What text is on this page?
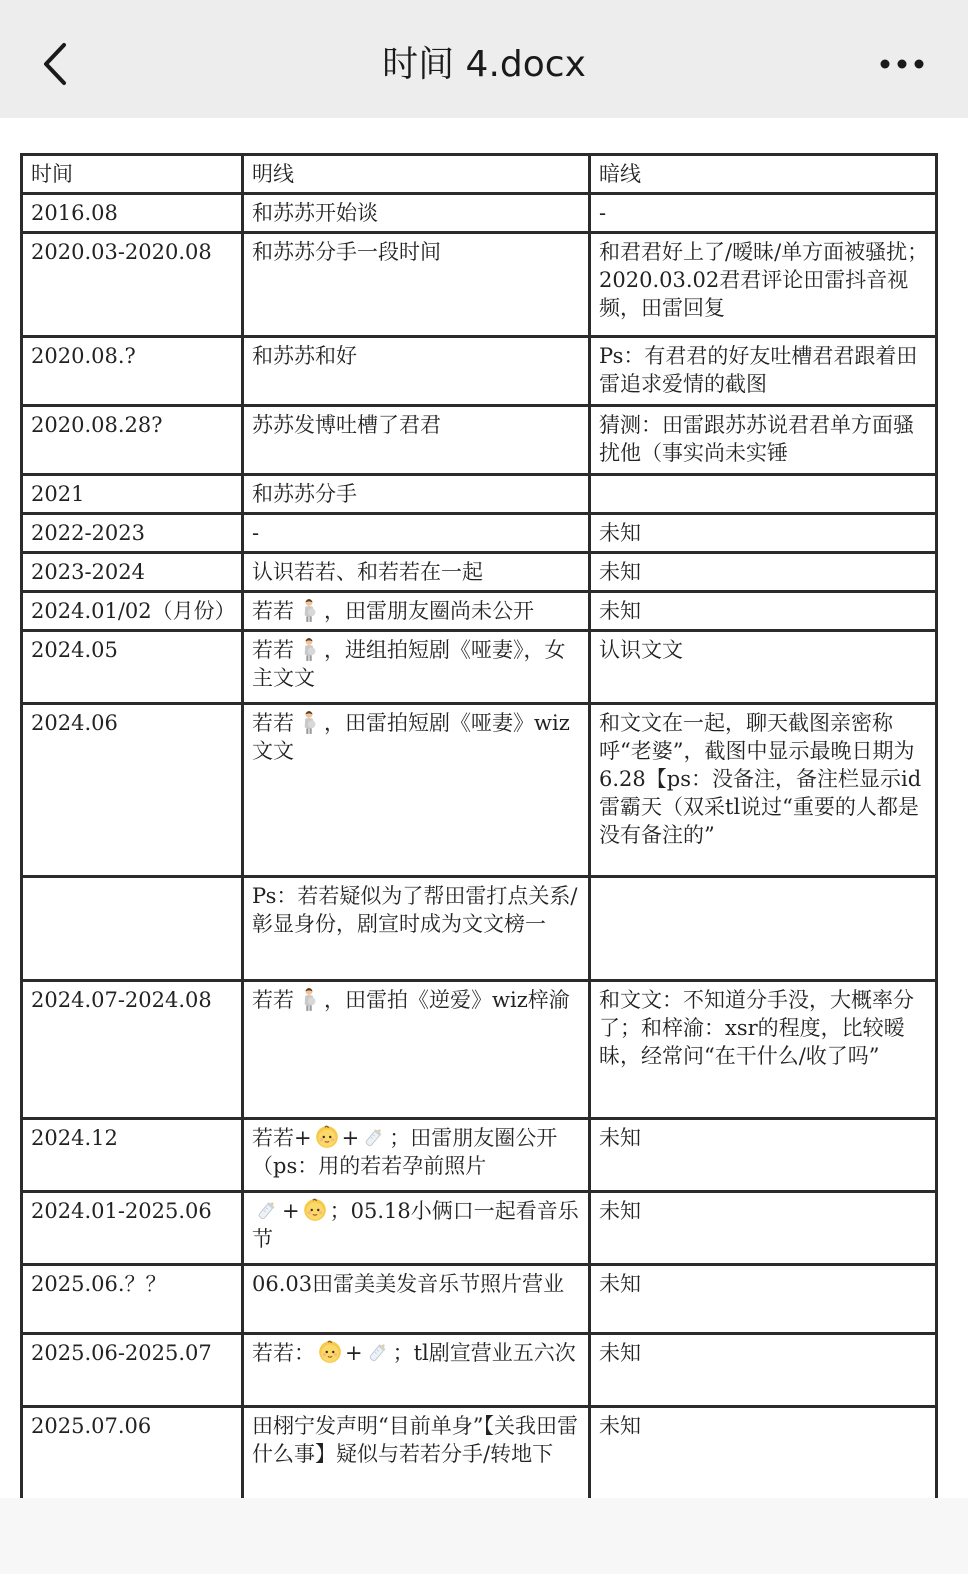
时间 4.docx
时间	明线	暗线
2016.08	和苏苏开始谈	-
2020.03-2020.08	和苏苏分手一段时间	和君君好上了/暧昧/单方面被骚扰；2020.03.02君君评论田雷抖音视频，田雷回复
2020.08.?	和苏苏和好	Ps：有君君的好友吐槽君君跟着田雷追求爱情的截图
2020.08.28?	苏苏发博吐槽了君君	猜测：田雷跟苏苏说君君单方面骚扰他（事实尚未实锤
2021	和苏苏分手	
2022-2023	-	未知
2023-2024	认识若若、和若若在一起	未知
2024.01/02（月份）	若若 ，田雷朋友圈尚未公开	未知
2024.05	若若 ，进组拍短剧《哑妻》，女主文文	认识文文
2024.06	若若 ，田雷拍短剧《哑妻》wiz文文	和文文在一起，聊天截图亲密称呼“老婆”，截图中显示最晚日期为6.28【ps：没备注，备注栏显示id雷霸天（双采tl说过“重要的人都是没有备注的”
	Ps：若若疑似为了帮田雷打点关系/彰显身份，剧宣时成为文文榜一	
2024.07-2024.08	若若 ，田雷拍《逆爱》wiz梓渝	和文文：不知道分手没，大概率分了；和梓渝：xsr的程度，比较暧昧，经常问“在干什么/收了吗”
2024.12	若若+ + ；田雷朋友圈公开（ps：用的若若孕前照片	未知
2024.01-2025.06	+ ；05.18小俩口一起看音乐节	未知
2025.06.？？	06.03田雷美美发音乐节照片营业	未知
2025.06-2025.07	若若： + ；tl剧宣营业五六次	未知
2025.07.06	田栩宁发声明“目前单身”【关我田雷什么事】疑似与若若分手/转地下	未知
